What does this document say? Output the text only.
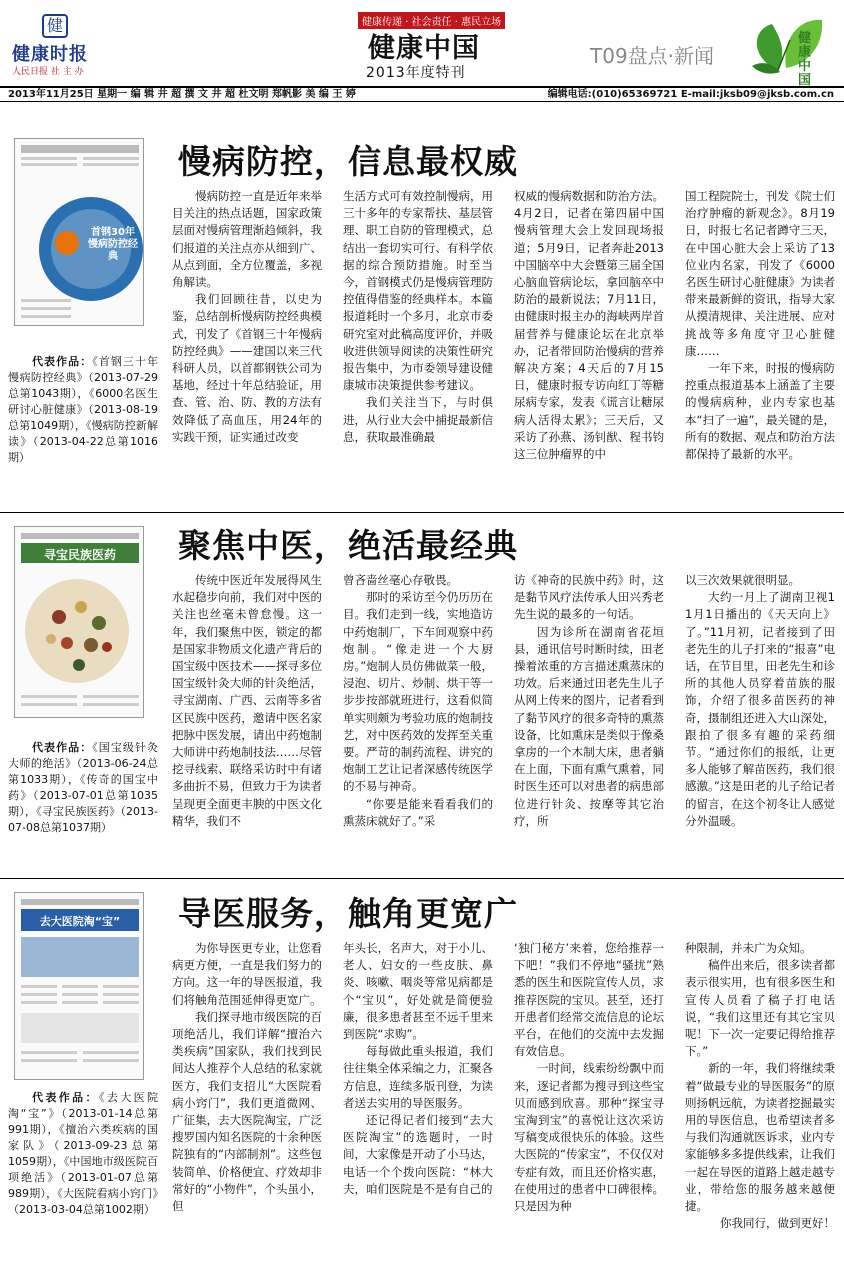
健
健康时报
人民日报 社 主 办
健康传递 · 社会责任 · 惠民立场
健康中国
2013年度特刊
T09盘点·新闻
健康中国
2013年11月25日 星期一 编 辑 井 超 撰 文 井 超 杜文明 郑帆影 美 编 王 婷	编辑电话:(010)65369721 E-mail:jksb09@jksb.com.cn
首钢30年 慢病防控经典
代表作品：《首钢三十年慢病防控经典》（2013-07-29总第1043期），《6000名医生研讨心脏健康》（2013-08-19总第1049期），《慢病防控新解读》（2013-04-22总第1016期）
慢病防控，信息最权威

慢病防控一直是近年来举目关注的热点话题，国家政策层面对慢病管理渐趋倾斜，我们报道的关注点亦从细到广、从点到面，全方位覆盖，多视角解读。

我们回顾往昔，以史为鉴，总结剖析慢病防控经典模式，刊发了《首钢三十年慢病防控经典》——建国以来三代科研人员，以首都钢铁公司为基地，经过十年总结验证，用查、管、治、防、教的方法有效降低了高血压，用24年的实践干预，证实通过改变

生活方式可有效控制慢病，用三十多年的专家帮扶、基层管理、职工自防的管理模式，总结出一套切实可行、有科学依据的综合预防措施。时至当今，首钢模式仍是慢病管理防控值得借鉴的经典样本。本篇报道耗时一个多月，北京市委研究室对此稿高度评价，并吸收进供领导阅读的决策性研究报告集中，为市委领导建设健康城市决策提供参考建议。

我们关注当下，与时俱进，从行业大会中捕捉最新信息，获取最准确最

权威的慢病数据和防治方法。4月2日，记者在第四届中国慢病管理大会上发回现场报道；5月9日，记者奔赴2013中国脑卒中大会暨第三届全国心脑血管病论坛，拿回脑卒中防治的最新说法；7月11日，由健康时报主办的海峡两岸首届营养与健康论坛在北京举办，记者带回防治慢病的营养解决方案；4天后的7月15日，健康时报专访向红丁等糖尿病专家，发表《谎言让糖尿病人活得太累》；三天后，又采访了孙燕、汤钊猷、程书钧这三位肿瘤界的中

国工程院院士，刊发《院士们治疗肿瘤的新观念》。8月19日，时报七名记者蹲守三天，在中国心脏大会上采访了13位业内名家，刊发了《6000名医生研讨心脏健康》为读者带来最新鲜的资讯，指导大家从摸清规律、关注进展、应对挑战等多角度守卫心脏健康……

一年下来，时报的慢病防控重点报道基本上涵盖了主要的慢病病种，业内专家也基本“扫了一遍”，最关键的是，所有的数据、观点和防治方法都保持了最新的水平。

寻宝民族医药
代表作品：《国宝级针灸大师的绝活》（2013-06-24总第1033期），《传奇的国宝中药》（2013-07-01总第1035期），《寻宝民族医药》（2013-07-08总第1037期）
聚焦中医，绝活最经典

传统中医近年发展得风生水起稳步向前，我们对中医的关注也丝毫未曾怠慢。这一年，我们聚焦中医，锁定的都是国家非物质文化遗产背后的国宝级中医技术——探寻多位国宝级针灸大师的针灸绝活，寻宝湖南、广西、云南等多省区民族中医药，邀请中医名家把脉中医发展，请出中药炮制大师讲中药炮制技法……尽管挖寻线索、联络采访时中有诸多曲折不易，但致力于为读者呈现更全面更丰腴的中医文化精华，我们不

曾吝啬丝毫心存敬畏。

那时的采访至今仍历历在目。我们走到一线，实地造访中药炮制厂，下车间观察中药炮制。“像走进一个大厨房。”炮制人员仿佛做菜一般，浸泡、切片、炒制、烘干等一步步按部就班进行，这看似简单实则颇为考验功底的炮制技艺，对中医药效的发挥至关重要。严苛的制药流程、讲究的炮制工艺让记者深感传统医学的不易与神奇。

“你要是能来看看我们的熏蒸床就好了。”采

访《神奇的民族中药》时，这是黏节风疗法传承人田兴秀老先生说的最多的一句话。

因为诊所在湖南省花垣县，通讯信号时断时续，田老操着浓重的方言描述熏蒸床的功效。后来通过田老先生儿子从网上传来的图片，记者看到了黏节风疗的很多奇特的熏蒸设备，比如熏床是类似于像桑拿房的一个木制大床，患者躺在上面，下面有熏气熏着，同时医生还可以对患者的病患部位进行针灸、按摩等其它治疗，所

以三次效果就很明显。

大约一月上了湖南卫视11月1日播出的《天天向上》了。”11月初，记者接到了田老先生的儿子打来的“报喜”电话，在节目里，田老先生和诊所的其他人员穿着苗族的服饰，介绍了很多苗医药的神奇，摄制组还进入大山深处，跟拍了很多有趣的采药细节。“通过你们的报纸，让更多人能够了解苗医药，我们很感激。”这是田老的儿子给记者的留言，在这个初冬让人感觉分外温暖。

去大医院淘“宝”
代表作品：《去大医院淘“宝”》（2013-01-14总第991期），《擅治六类疾病的国家队》（2013-09-23总第1059期），《中国地市级医院百项绝活》（2013-01-07总第989期），《大医院看病小窍门》（2013-03-04总第1002期）
导医服务，触角更宽广

为你导医更专业，让您看病更方便，一直是我们努力的方向。这一年的导医报道，我们将触角范围延伸得更宽广。

我们探寻地市级医院的百项绝活儿，我们详解“擅治六类疾病”国家队，我们找到民间达人推荐个人总结的私家就医方，我们支招儿“大医院看病小窍门”，我们更道微网、广征集，去大医院淘宝，广泛搜罗国内知名医院的十余种医院独有的“内部制剂”。这些包装简单、价格便宜、疗效却非常好的“小物件”，个头虽小，但

年头长，名声大，对于小儿、老人、妇女的一些皮肤、鼻炎、咳嗽、咽炎等常见病都是个“宝贝”，好处就是简便验廉，很多患者甚至不远千里来到医院“求购”。

每每做此重头报道，我们往往集全体采编之力，汇聚各方信息，连续多版刊登，为读者送去实用的导医服务。

还记得记者们接到“去大医院淘宝”的选题时，一时间，大家像是开动了小马达，电话一个个拨向医院：“林大夫，咱们医院是不是有自己的

‘独门秘方’来着，您给推荐一下吧！”我们不停地“骚扰”熟悉的医生和医院宣传人员，求推荐医院的宝贝。甚至，还打开患者们经常交流信息的论坛平台，在他们的交流中去发掘有效信息。

一时间，线索纷纷飘中而来，逐记者都为搜寻到这些宝贝而感到欣喜。那种“探宝寻宝淘到宝”的喜悦让这次采访写稿变成很快乐的体验。这些大医院的“传家宝”，不仅仅对专症有效，而且还价格实惠，在使用过的患者中口碑很棒。只是因为种

种限制，并未广为众知。

稿件出来后，很多读者都表示很实用，也有很多医生和宣传人员看了稿子打电话说，“我们这里还有其它宝贝呢！下一次一定要记得给推荐下。”

新的一年，我们将继续秉着“做最专业的导医服务”的原则扬帆远航，为读者挖掘最实用的导医信息，也希望读者多与我们沟通就医诉求，业内专家能够多多提供线索，让我们一起在导医的道路上越走越专业，带给您的服务越来越便捷。

你我同行，做到更好！
